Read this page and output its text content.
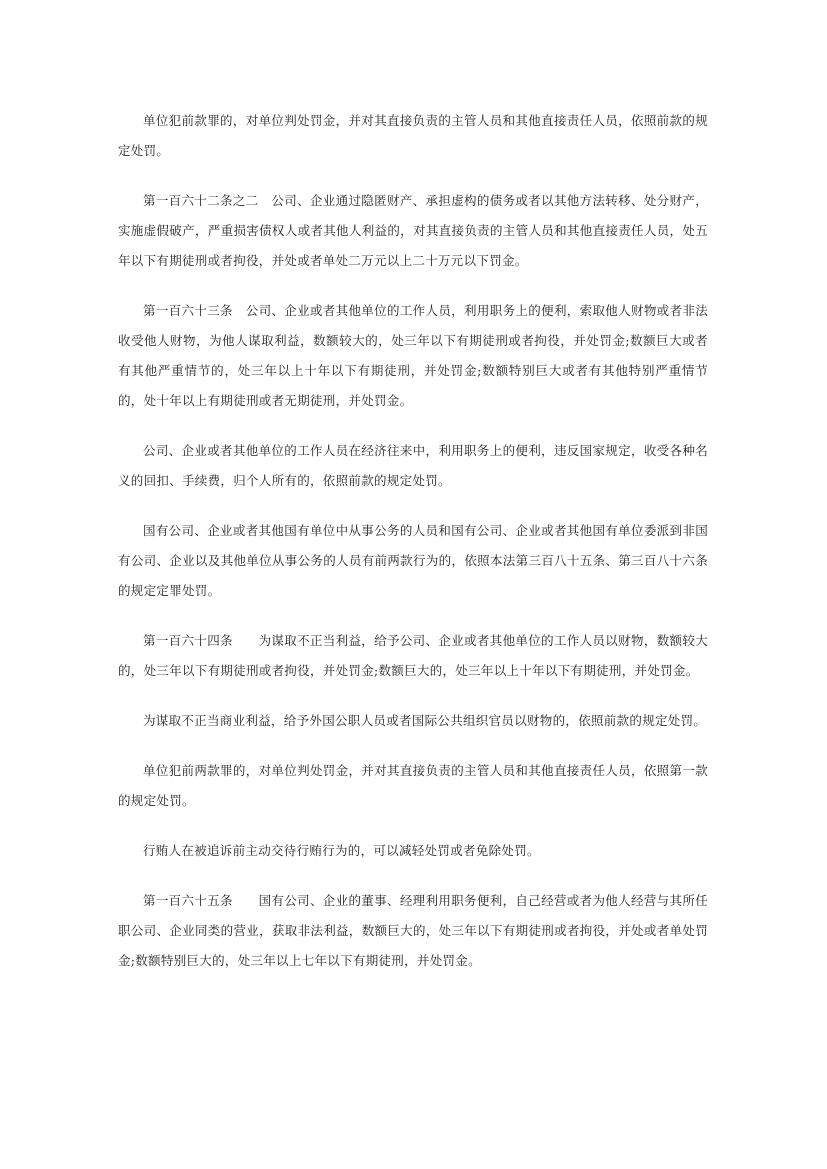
单位犯前款罪的，对单位判处罚金，并对其直接负责的主管人员和其他直接责任人员，依照前款的规定处罚。

第一百六十二条之二　公司、企业通过隐匿财产、承担虚构的债务或者以其他方法转移、处分财产，实施虚假破产，严重损害债权人或者其他人利益的，对其直接负责的主管人员和其他直接责任人员，处五年以下有期徒刑或者拘役，并处或者单处二万元以上二十万元以下罚金。

第一百六十三条　公司、企业或者其他单位的工作人员，利用职务上的便利，索取他人财物或者非法收受他人财物，为他人谋取利益，数额较大的，处三年以下有期徒刑或者拘役，并处罚金;数额巨大或者有其他严重情节的，处三年以上十年以下有期徒刑，并处罚金;数额特别巨大或者有其他特别严重情节的，处十年以上有期徒刑或者无期徒刑，并处罚金。

公司、企业或者其他单位的工作人员在经济往来中，利用职务上的便利，违反国家规定，收受各种名义的回扣、手续费，归个人所有的，依照前款的规定处罚。

国有公司、企业或者其他国有单位中从事公务的人员和国有公司、企业或者其他国有单位委派到非国有公司、企业以及其他单位从事公务的人员有前两款行为的，依照本法第三百八十五条、第三百八十六条的规定定罪处罚。

第一百六十四条　　为谋取不正当利益，给予公司、企业或者其他单位的工作人员以财物，数额较大的，处三年以下有期徒刑或者拘役，并处罚金;数额巨大的，处三年以上十年以下有期徒刑，并处罚金。

为谋取不正当商业利益，给予外国公职人员或者国际公共组织官员以财物的，依照前款的规定处罚。

单位犯前两款罪的，对单位判处罚金，并对其直接负责的主管人员和其他直接责任人员，依照第一款的规定处罚。

行贿人在被追诉前主动交待行贿行为的，可以减轻处罚或者免除处罚。

第一百六十五条　　国有公司、企业的董事、经理利用职务便利，自己经营或者为他人经营与其所任职公司、企业同类的营业，获取非法利益，数额巨大的，处三年以下有期徒刑或者拘役，并处或者单处罚金;数额特别巨大的，处三年以上七年以下有期徒刑，并处罚金。
